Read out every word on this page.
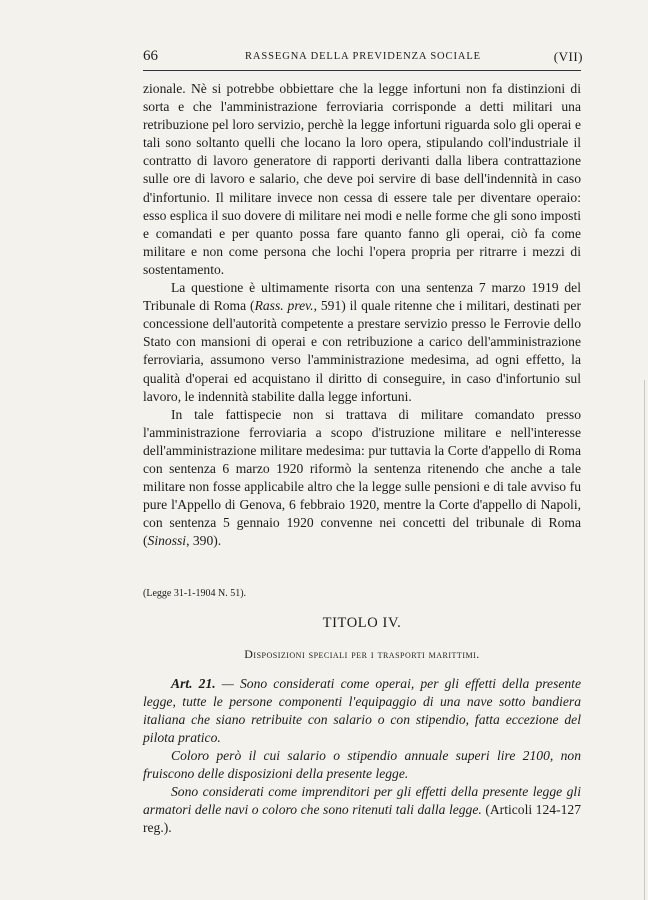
66	RASSEGNA DELLA PREVIDENZA SOCIALE	(VII)

zionale. Nè si potrebbe obbiettare che la legge infortuni non fa distinzioni di sorta e che l'amministrazione ferroviaria corrisponde a detti militari una retribuzione pel loro servizio, perchè la legge infortuni riguarda solo gli operai e tali sono soltanto quelli che locano la loro opera, stipulando coll'industriale il contratto di lavoro generatore di rapporti derivanti dalla libera contrattazione sulle ore di lavoro e salario, che deve poi servire di base dell'indennità in caso d'infortunio. Il militare invece non cessa di essere tale per diventare operaio: esso esplica il suo dovere di militare nei modi e nelle forme che gli sono imposti e comandati e per quanto possa fare quanto fanno gli operai, ciò fa come militare e non come persona che lochi l'opera propria per ritrarre i mezzi di sostentamento.

La questione è ultimamente risorta con una sentenza 7 marzo 1919 del Tribunale di Roma (Rass. prev., 591) il quale ritenne che i militari, destinati per concessione dell'autorità competente a prestare servizio presso le Ferrovie dello Stato con mansioni di operai e con retribuzione a carico dell'amministrazione ferroviaria, assumono verso l'amministrazione medesima, ad ogni effetto, la qualità d'operai ed acquistano il diritto di conseguire, in caso d'infortunio sul lavoro, le indennità stabilite dalla legge infortuni.

In tale fattispecie non si trattava di militare comandato presso l'amministrazione ferroviaria a scopo d'istruzione militare e nell'interesse dell'amministrazione militare medesima: pur tuttavia la Corte d'appello di Roma con sentenza 6 marzo 1920 riformò la sentenza ritenendo che anche a tale militare non fosse applicabile altro che la legge sulle pensioni e di tale avviso fu pure l'Appello di Genova, 6 febbraio 1920, mentre la Corte d'appello di Napoli, con sentenza 5 gennaio 1920 convenne nei concetti del tribunale di Roma (Sinossi, 390).

(Legge 31-1-1904 N. 51).

TITOLO IV.

Disposizioni speciali per i trasporti marittimi.

Art. 21. — Sono considerati come operai, per gli effetti della presente legge, tutte le persone componenti l'equipaggio di una nave sotto bandiera italiana che siano retribuite con salario o con stipendio, fatta eccezione del pilota pratico.

Coloro però il cui salario o stipendio annuale superi lire 2100, non fruiscono delle disposizioni della presente legge.

Sono considerati come imprenditori per gli effetti della presente legge gli armatori delle navi o coloro che sono ritenuti tali dalla legge. (Articoli 124-127 reg.).
